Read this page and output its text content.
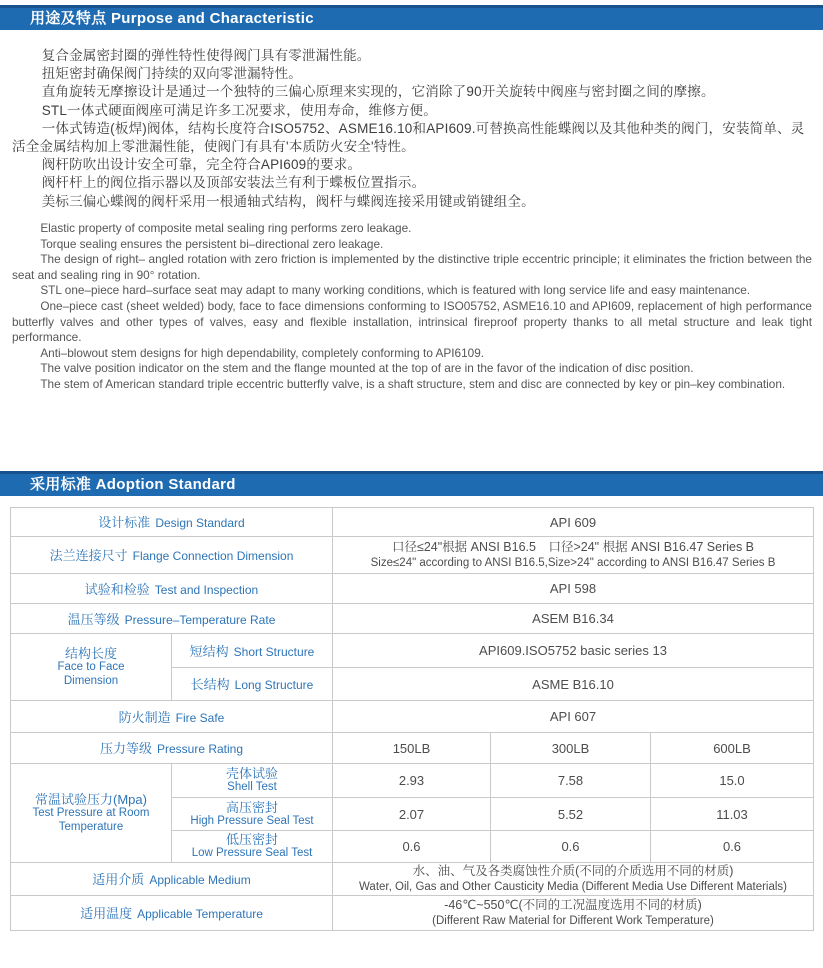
用途及特点 Purpose and Characteristic

复合金属密封圈的弹性特性使得阀门具有零泄漏性能。

扭矩密封确保阀门持续的双向零泄漏特性。

直角旋转无摩擦设计是通过一个独特的三偏心原理来实现的，它消除了90开关旋转中阀座与密封圈之间的摩擦。

STL一体式硬面阀座可满足许多工况要求，使用寿命，维修方便。

一体式铸造(板焊)阀体，结构长度符合ISO5752、ASME16.10和API609.可替换高性能蝶阀以及其他种类的阀门，安装简单、灵活全金属结构加上零泄漏性能，使阀门有具有'本质防火安全'特性。

阀杆防吹出设计安全可靠，完全符合API609的要求。

阀杆杆上的阀位指示器以及顶部安装法兰有利于蝶板位置指示。

美标三偏心蝶阀的阀杆采用一根通轴式结构，阀杆与蝶阀连接采用键或销键组全。

Elastic property of composite metal sealing ring performs zero leakage.

Torque sealing ensures the persistent bi–directional zero leakage.

The design of right– angled rotation with zero friction is implemented by the distinctive triple eccentric principle; it eliminates the friction between the seat and sealing ring in 90° rotation.

STL one–piece hard–surface seat may adapt to many working conditions, which is featured with long service life and easy maintenance.

One–piece cast (sheet welded) body, face to face dimensions conforming to ISO05752, ASME16.10 and API609, replacement of high performance butterfly valves and other types of valves, easy and flexible installation, intrinsical fireproof property thanks to all metal structure and leak tight performance.

Anti–blowout stem designs for high dependability, completely conforming to API6109.

The valve position indicator on the stem and the flange mounted at the top of are in the favor of the indication of disc position.

The stem of American standard triple eccentric butterfly valve, is a shaft structure, stem and disc are connected by key or pin–key combination.

采用标准 Adoption Standard
设计标准 Design Standard		API 609		
法兰连接尺寸 Flange Connection Dimension		口径≤24"根据 ANSI B16.5　口径>24" 根据 ANSI B16.47 Series B
Size≤24" according to ANSI B16.5,Size>24" according to ANSI B16.47 Series B		

试验和检验 Test and Inspection		API 598		
温压等级 Pressure–Temperature Rate		ASEM B16.34		

结构长度
Face to Face
Dimension	短结构 Short Structure	API609.ISO5752 basic series 13		
	长结构 Long Structure	ASME B16.10		
防火制造 Fire Safe		API 607		
压力等级 Pressure Rating		150LB	300LB	600LB

常温试验压力(Mpa)
Test Pressure at Room
Temperature

壳体试验
Shell Test	2.93	7.58	15.0

	高压密封
High Pressure Seal Test	2.07	5.52	11.03

	低压密封
Low Pressure Seal Test	0.6	0.6	0.6
适用介质 Applicable Medium		水、油、气及各类腐蚀性介质(不同的介质选用不同的材质)
Water, Oil, Gas and Other Causticity Media (Different Media Use Different Materials)		

适用温度 Applicable Temperature		-46℃~550℃(不同的工况温度选用不同的材质)
(Different Raw Material for Different Work Temperature)		
